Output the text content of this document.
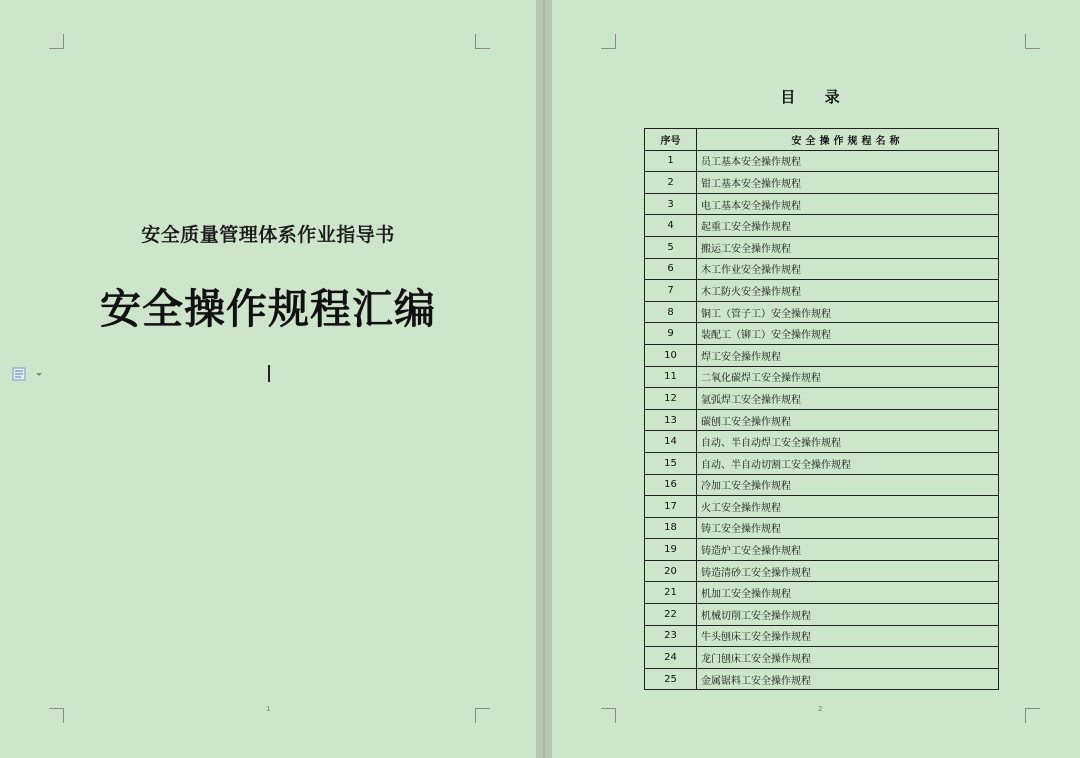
安全质量管理体系作业指导书
安全操作规程汇编
1
目 录
序号	安全操作规程名称
1	员工基本安全操作规程
2	钳工基本安全操作规程
3	电工基本安全操作规程
4	起重工安全操作规程
5	搬运工安全操作规程
6	木工作业安全操作规程
7	木工防火安全操作规程
8	铜工（管子工）安全操作规程
9	装配工（铆工）安全操作规程
10	焊工安全操作规程
11	二氧化碳焊工安全操作规程
12	氩弧焊工安全操作规程
13	碳刨工安全操作规程
14	自动、半自动焊工安全操作规程
15	自动、半自动切割工安全操作规程
16	冷加工安全操作规程
17	火工安全操作规程
18	铸工安全操作规程
19	铸造炉工安全操作规程
20	铸造清砂工安全操作规程
21	机加工安全操作规程
22	机械切削工安全操作规程
23	牛头刨床工安全操作规程
24	龙门刨床工安全操作规程
25	金属锯料工安全操作规程
2
